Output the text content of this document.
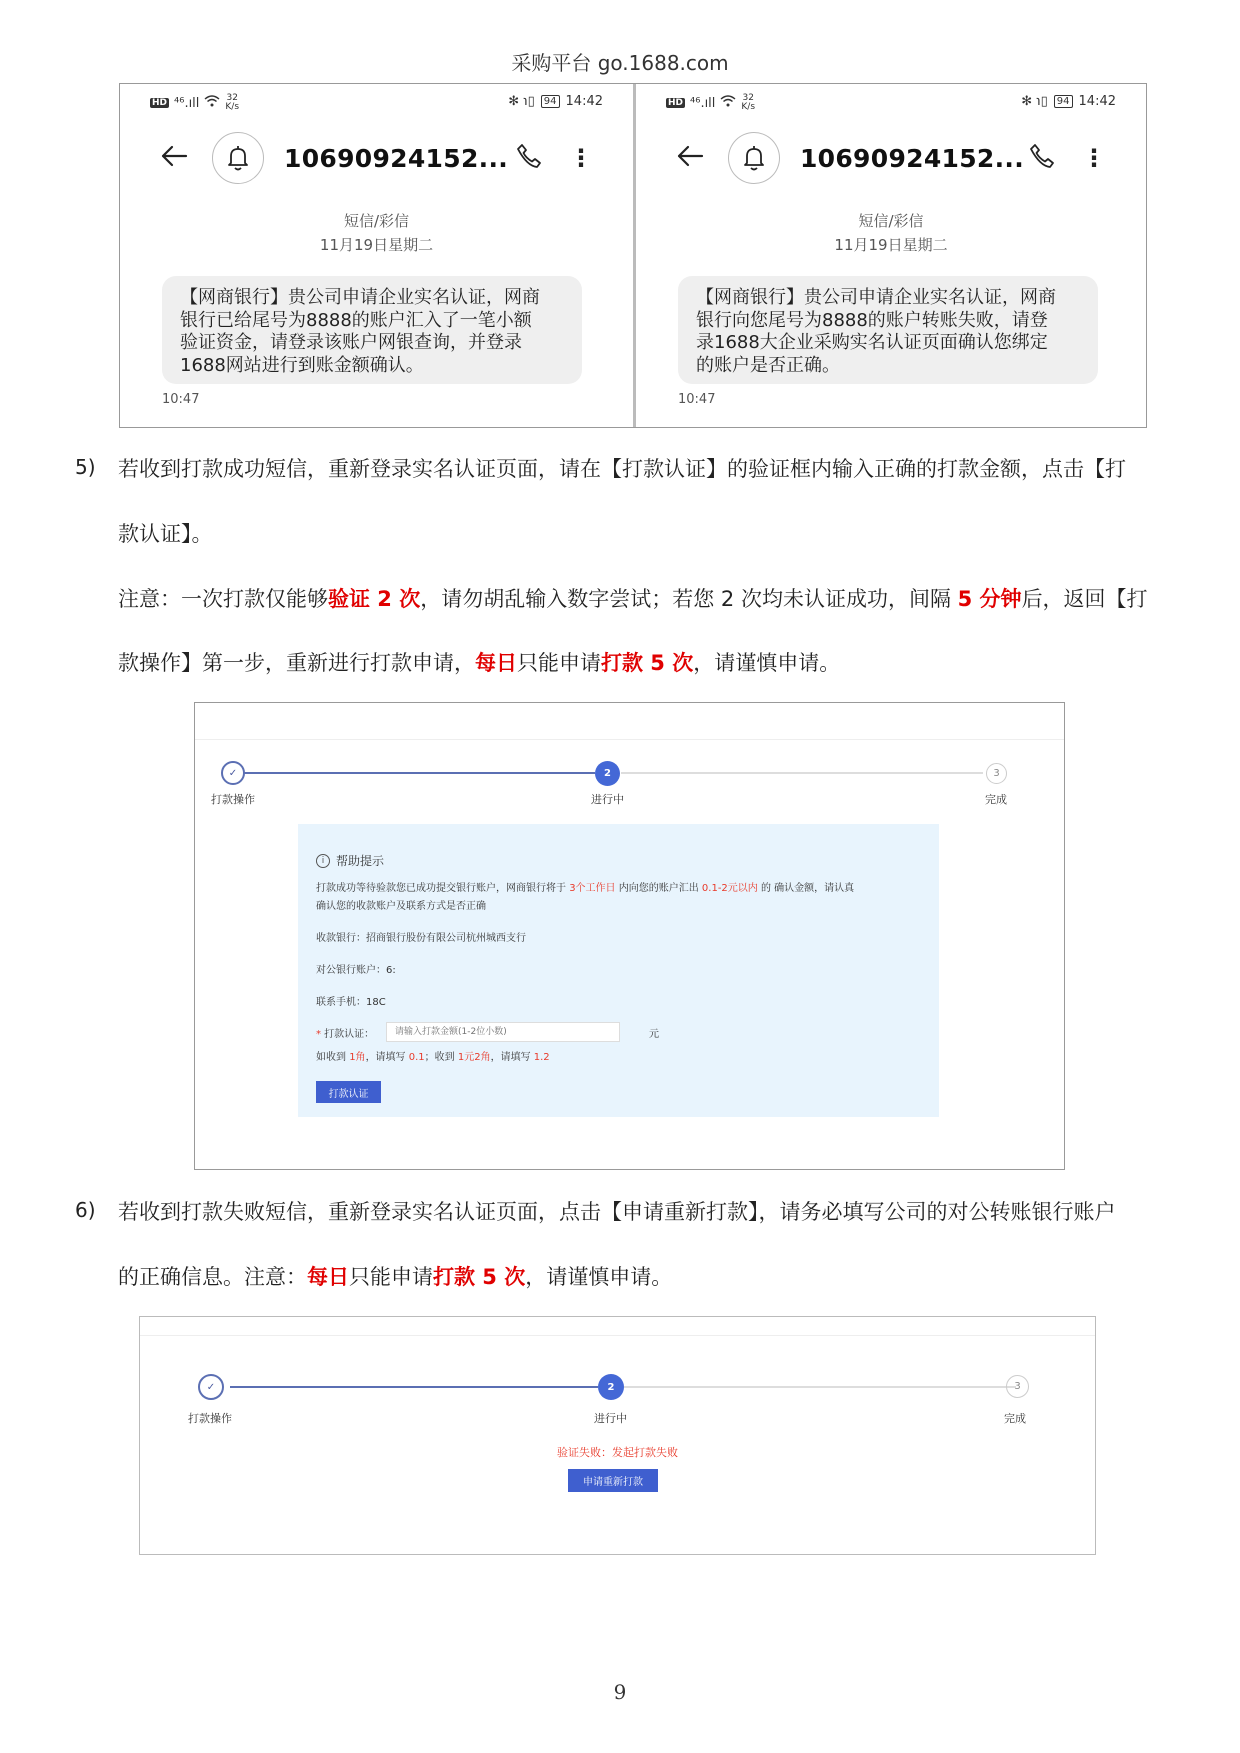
采购平台 go.1688.com
HD ⁴⁶.ıll	32
K/s	✻ ℩▯ 94 14:42
10690924152...	⋮
短信/彩信
11月19日星期二
【网商银行】贵公司申请企业实名认证，网商
银行已给尾号为8888的账户汇入了一笔小额
验证资金，请登录该账户网银查询，并登录
1688网站进行到账金额确认。
10:47
HD ⁴⁶.ıll	32
K/s	✻ ℩▯ 94 14:42
10690924152... ⋮
短信/彩信
11月19日星期二
【网商银行】贵公司申请企业实名认证，网商
银行向您尾号为8888的账户转账失败，请登
录1688大企业采购实名认证页面确认您绑定
的账户是否正确。
10:47
5) 若收到打款成功短信，重新登录实名认证页面，请在【打款认证】的验证框内输入正确的打款金额，点击【打
款认证】。
注意：一次打款仅能够验证 2 次，请勿胡乱输入数字尝试；若您 2 次均未认证成功，间隔 5 分钟后，返回【打
款操作】第一步，重新进行打款申请，每日只能申请打款 5 次，请谨慎申请。
✓	2	3
打款操作	进行中	完成
i 帮助提示
打款成功等待验款您已成功提交银行账户，网商银行将于 3个工作日 内向您的账户汇出 0.1-2元以内 的 确认金额，请认真
确认您的收款账户及联系方式是否正确
收款银行：招商银行股份有限公司杭州城西支行
对公银行账户：6:
联系手机：18C
* 打款认证：
请输入打款金额(1-2位小数)	元
如收到 1角，请填写 0.1；收到 1元2角，请填写 1.2
打款认证
6) 若收到打款失败短信，重新登录实名认证页面，点击【申请重新打款】，请务必填写公司的对公转账银行账户
的正确信息。注意：每日只能申请打款 5 次，请谨慎申请。
✓	2	3
打款操作	进行中	完成
验证失败：发起打款失败
申请重新打款
9
